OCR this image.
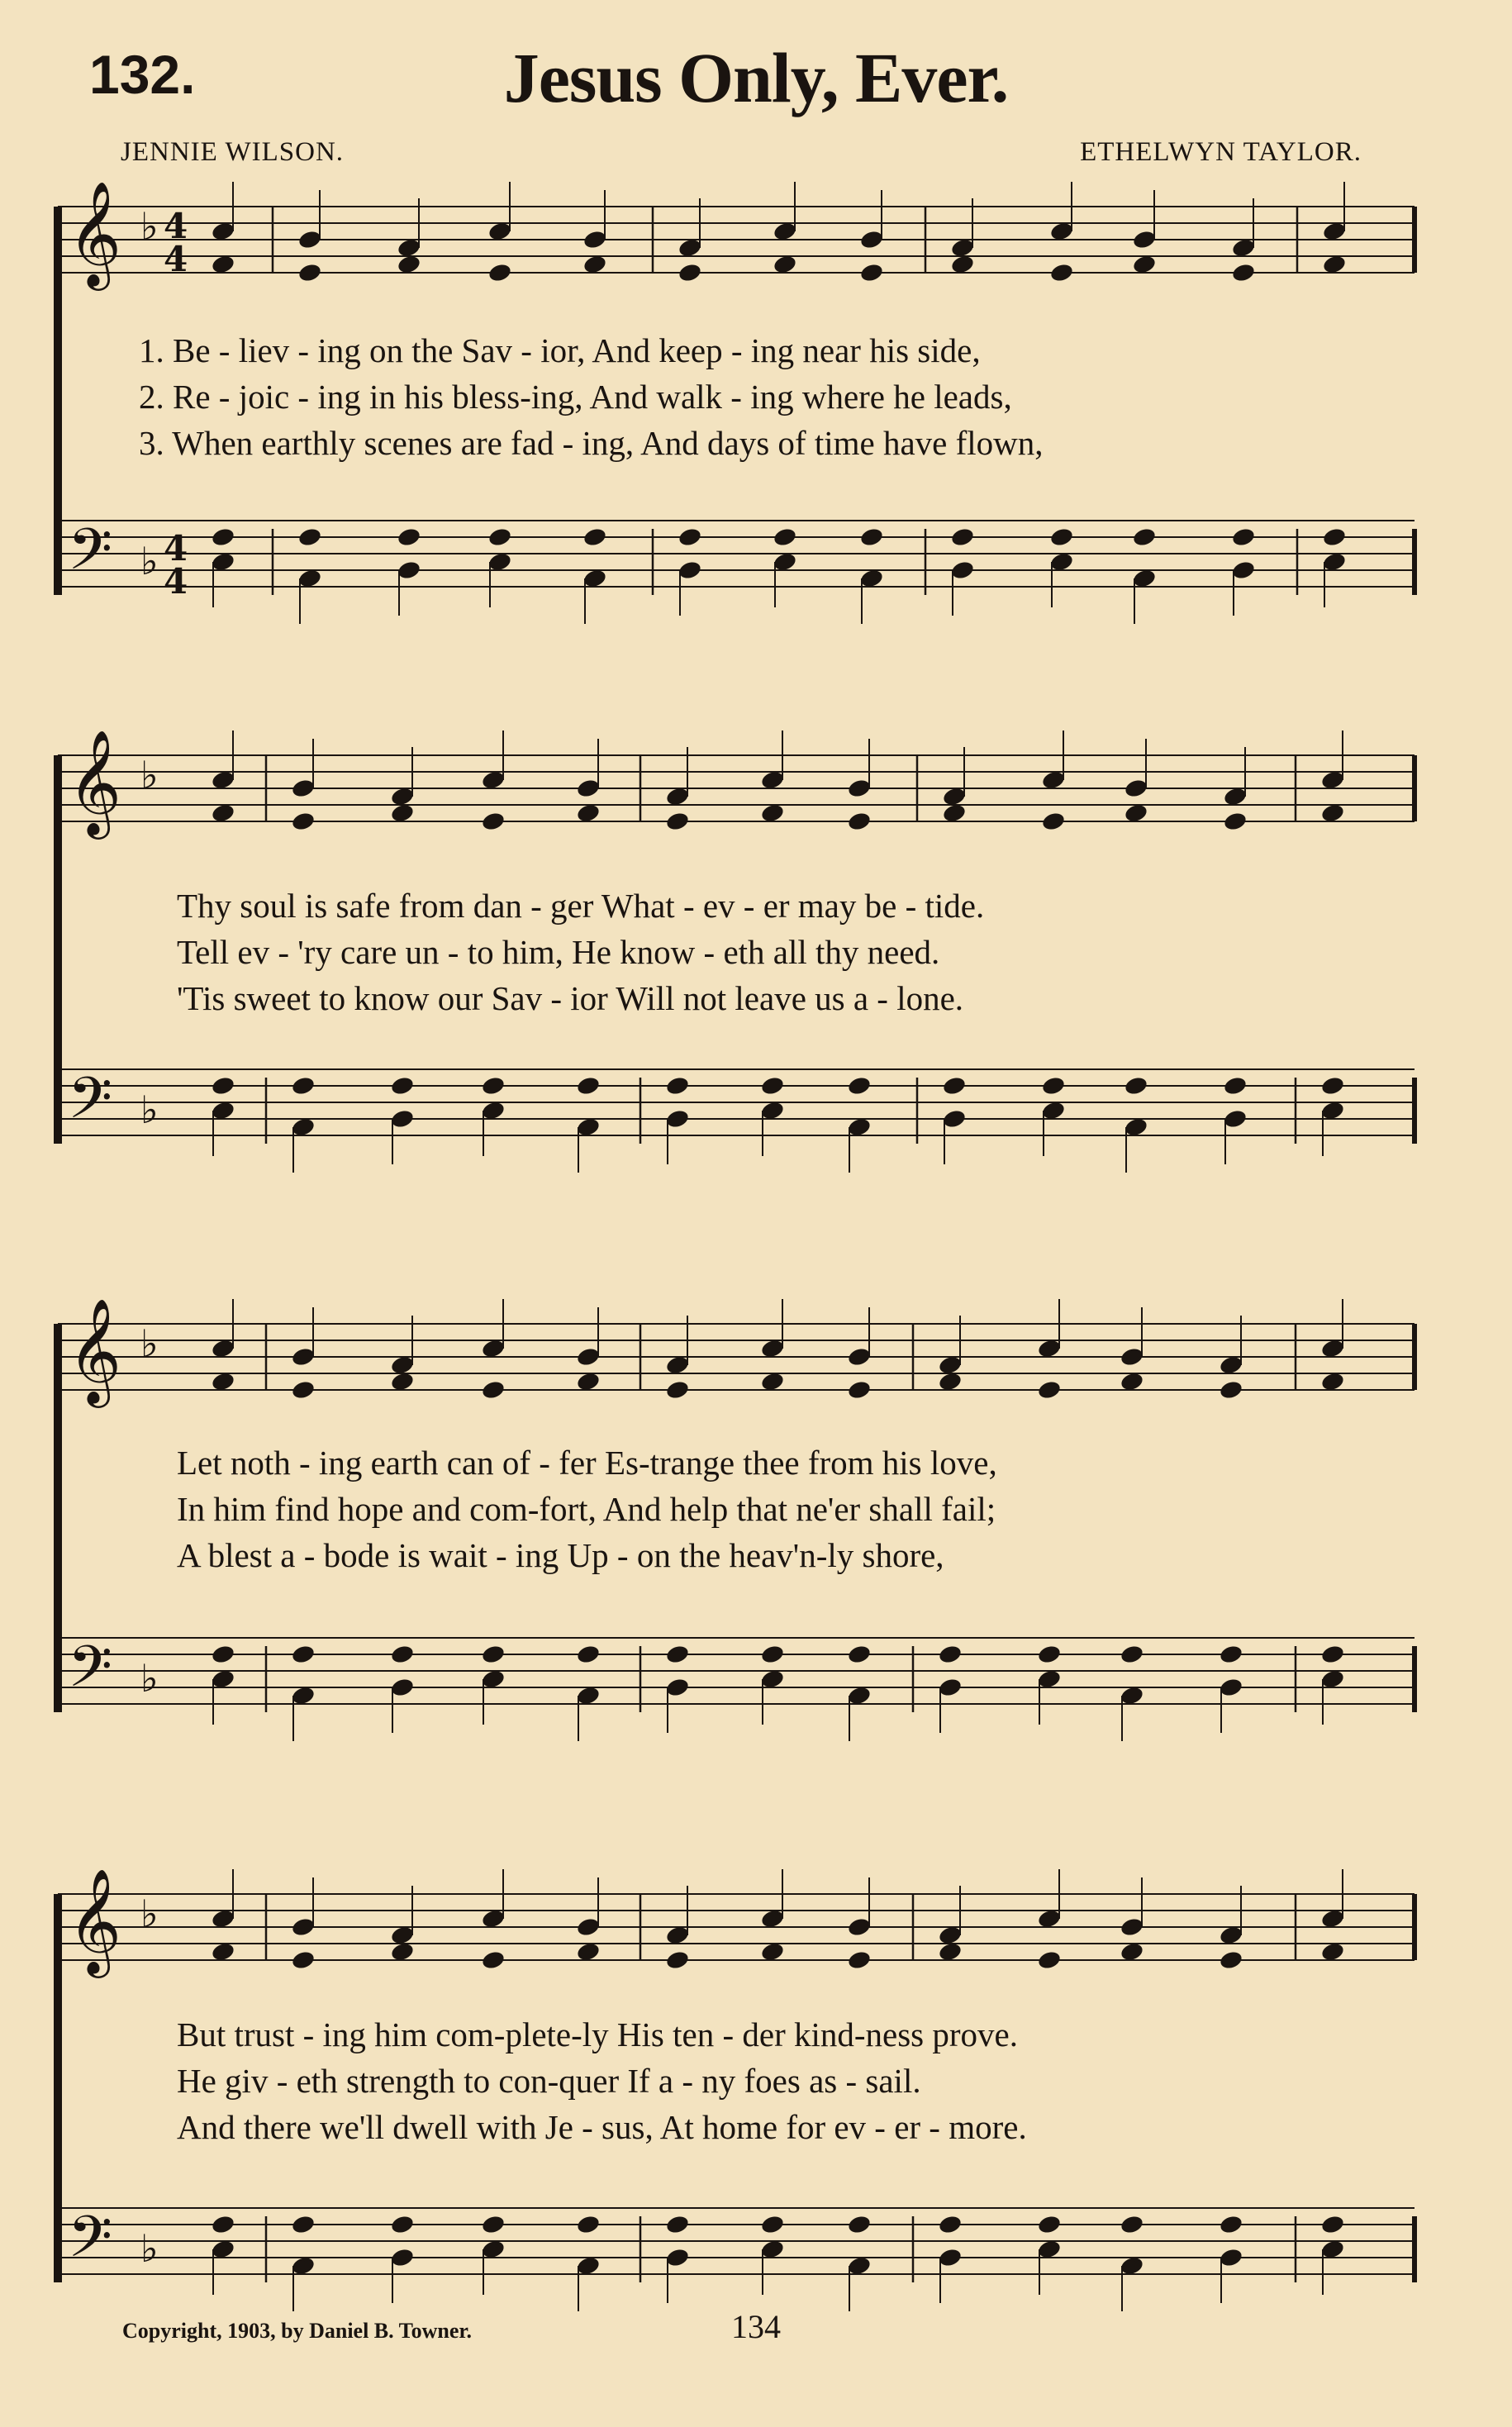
132.	Jesus Only, Ever.
JENNIE WILSON.	ETHELWYN TAYLOR.
𝄞
𝄢
♭
♭
4
4
4
4
1. Be - liev - ing on the Sav - ior, And keep - ing near his side,
2. Re - joic - ing in his bless-ing, And walk - ing where he leads,
3. When earthly scenes are fad - ing, And days of time have flown,
𝄞
𝄢
♭
♭
Thy soul is safe from dan - ger What - ev - er may be - tide.
Tell ev - 'ry care un - to him, He know - eth all thy need.
'Tis sweet to know our Sav - ior Will not leave us a - lone.
𝄞
𝄢
♭
♭
Let noth - ing earth can of - fer Es-trange thee from his love,
In him find hope and com-fort, And help that ne'er shall fail;
A blest a - bode is wait - ing Up - on the heav'n-ly shore,
𝄞
𝄢
♭
♭
But trust - ing him com-plete-ly His ten - der kind-ness prove.
He giv - eth strength to con-quer If a - ny foes as - sail.
And there we'll dwell with Je - sus, At home for ev - er - more.
Copyright, 1903, by Daniel B. Towner.	134
